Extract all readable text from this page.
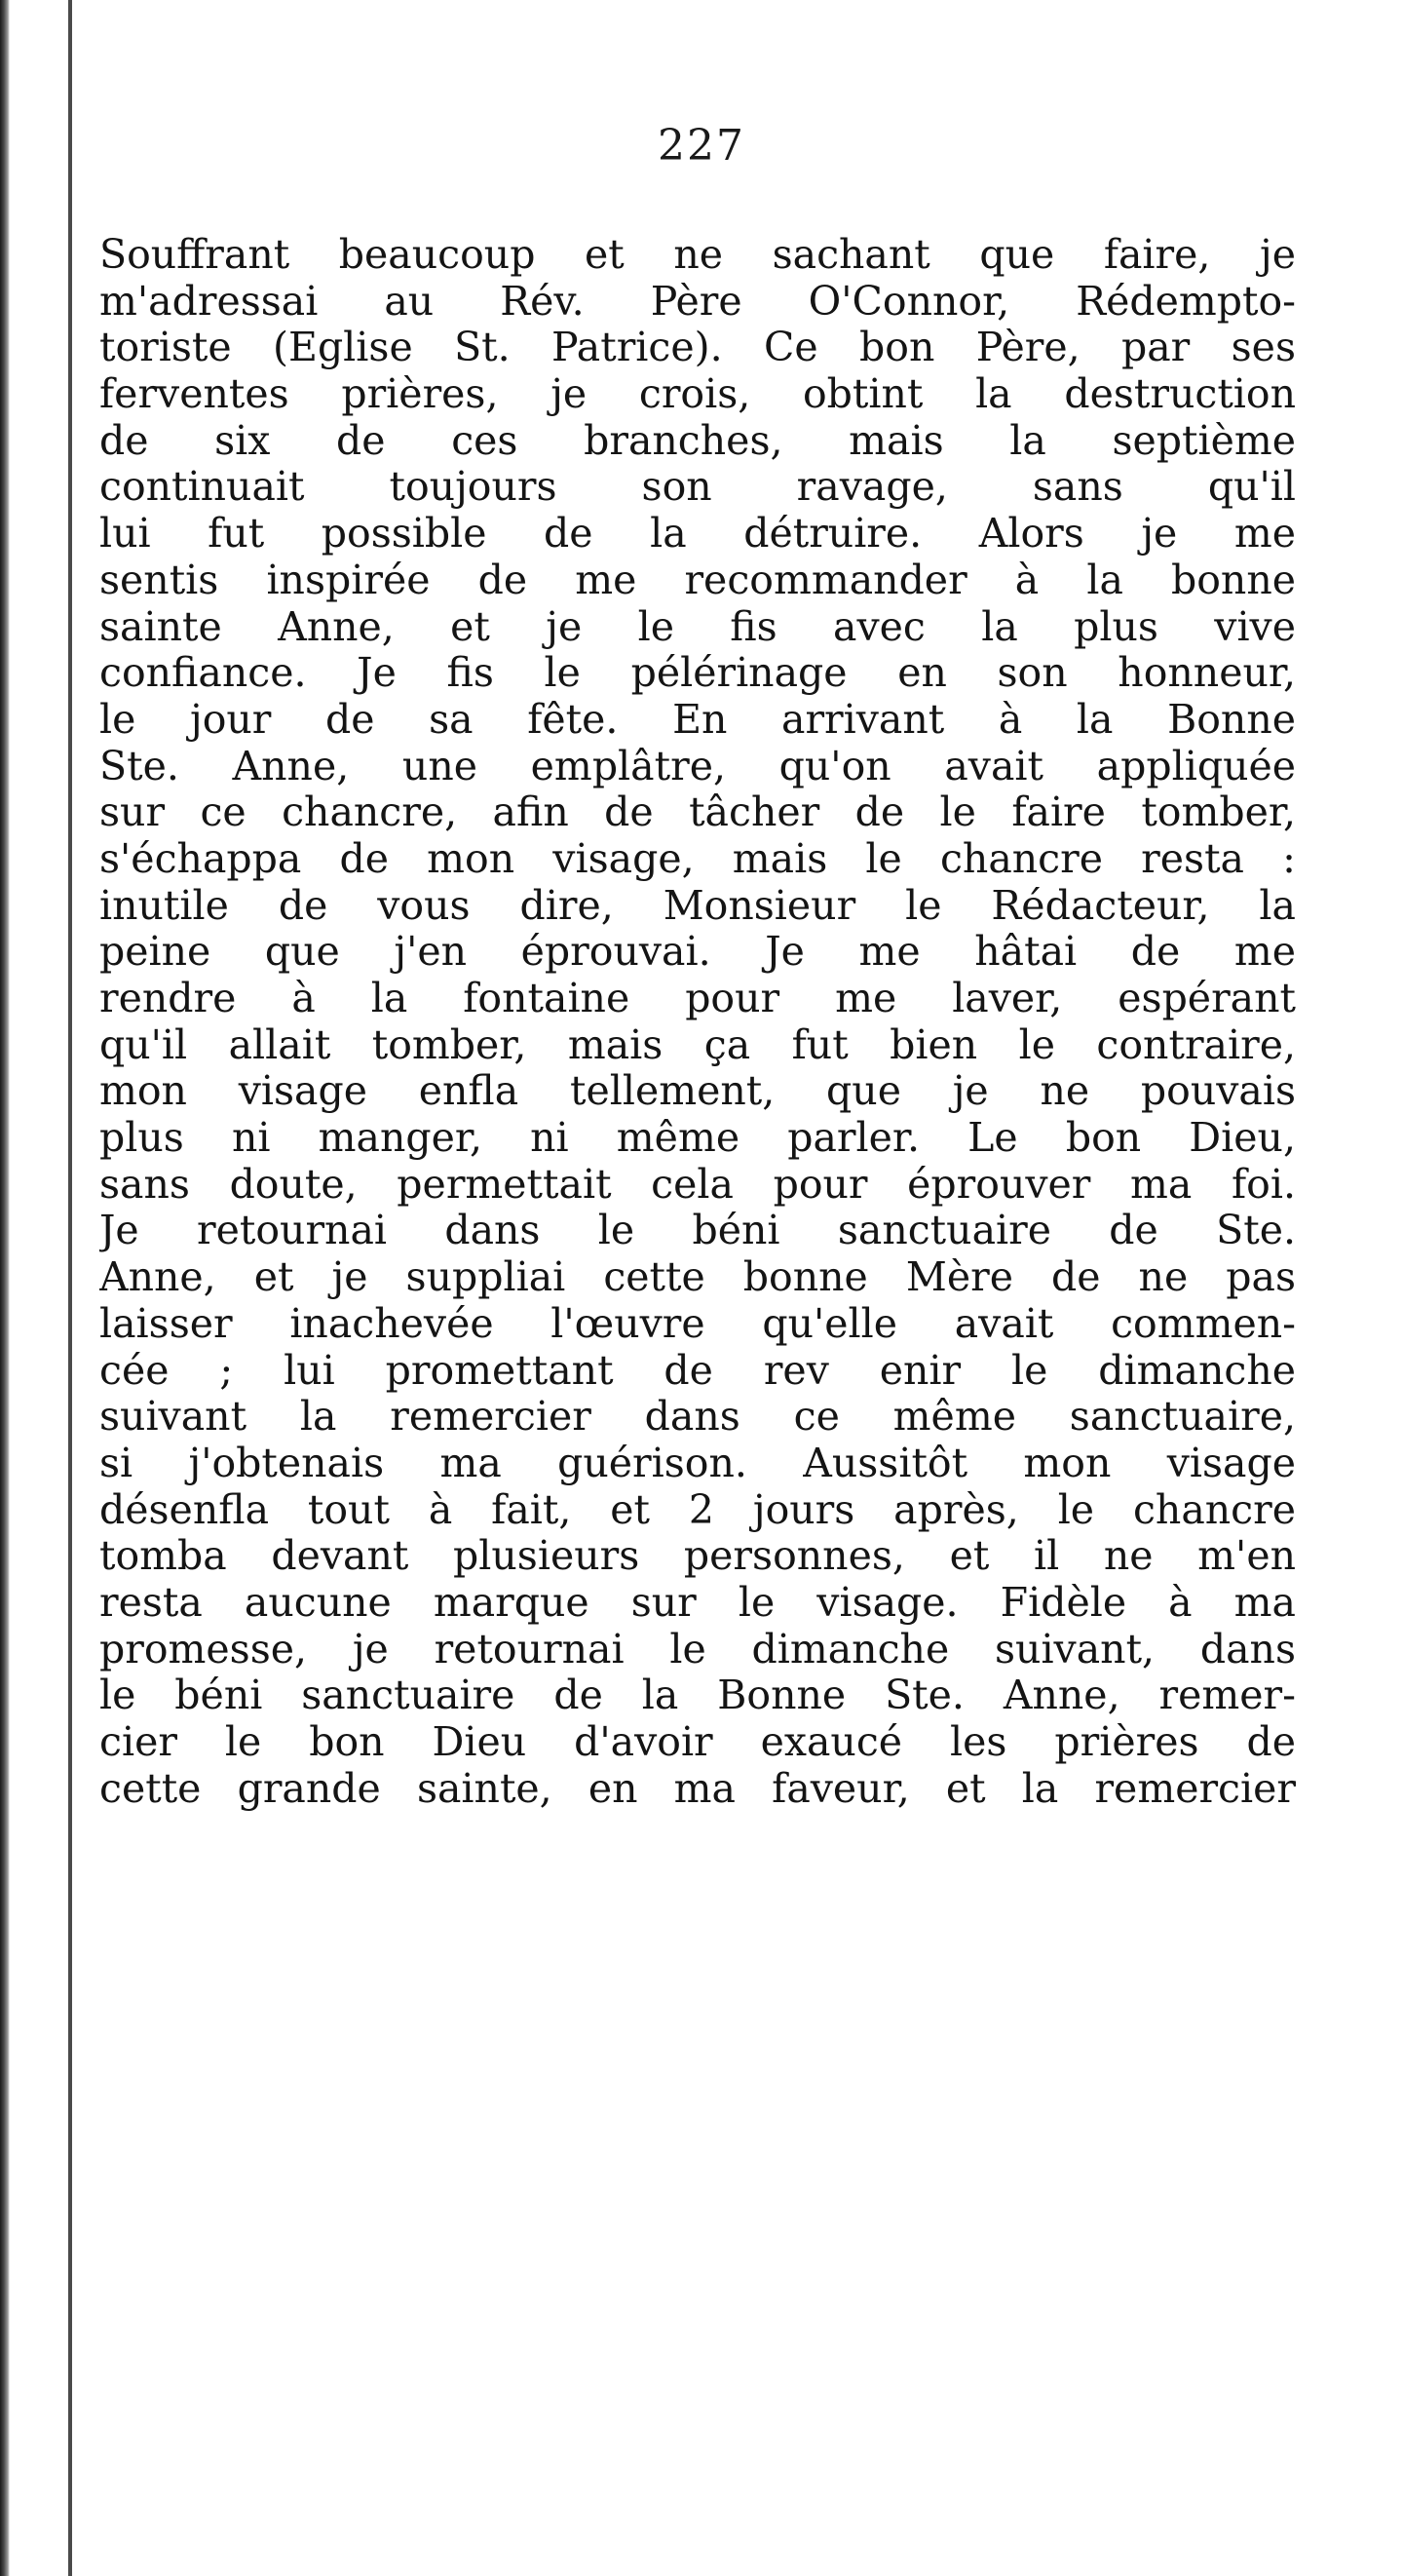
227
Souffrant beaucoup et ne sachant que faire, je
m'adressai au Rév. Père O'Connor, Rédempto-
toriste (Eglise St. Patrice). Ce bon Père, par ses
ferventes prières, je crois, obtint la destruction
de six de ces branches, mais la septième
continuait toujours son ravage, sans qu'il
lui fut possible de la détruire. Alors je me
sentis inspirée de me recommander à la bonne
sainte Anne, et je le fis avec la plus vive
confiance. Je fis le pélérinage en son honneur,
le jour de sa fête. En arrivant à la Bonne
Ste. Anne, une emplâtre, qu'on avait appliquée
sur ce chancre, afin de tâcher de le faire tomber,
s'échappa de mon visage, mais le chancre resta :
inutile de vous dire, Monsieur le Rédacteur, la
peine que j'en éprouvai. Je me hâtai de me
rendre à la fontaine pour me laver, espérant
qu'il allait tomber, mais ça fut bien le contraire,
mon visage enfla tellement, que je ne pouvais
plus ni manger, ni même parler. Le bon Dieu,
sans doute, permettait cela pour éprouver ma foi.
Je retournai dans le béni sanctuaire de Ste.
Anne, et je suppliai cette bonne Mère de ne pas
laisser inachevée l'œuvre qu'elle avait commen-
cée ; lui promettant de rev enir le dimanche
suivant la remercier dans ce même sanctuaire,
si j'obtenais ma guérison. Aussitôt mon visage
désenfla tout à fait, et 2 jours après, le chancre
tomba devant plusieurs personnes, et il ne m'en
resta aucune marque sur le visage. Fidèle à ma
promesse, je retournai le dimanche suivant, dans
le béni sanctuaire de la Bonne Ste. Anne, remer-
cier le bon Dieu d'avoir exaucé les prières de
cette grande sainte, en ma faveur, et la remercier
